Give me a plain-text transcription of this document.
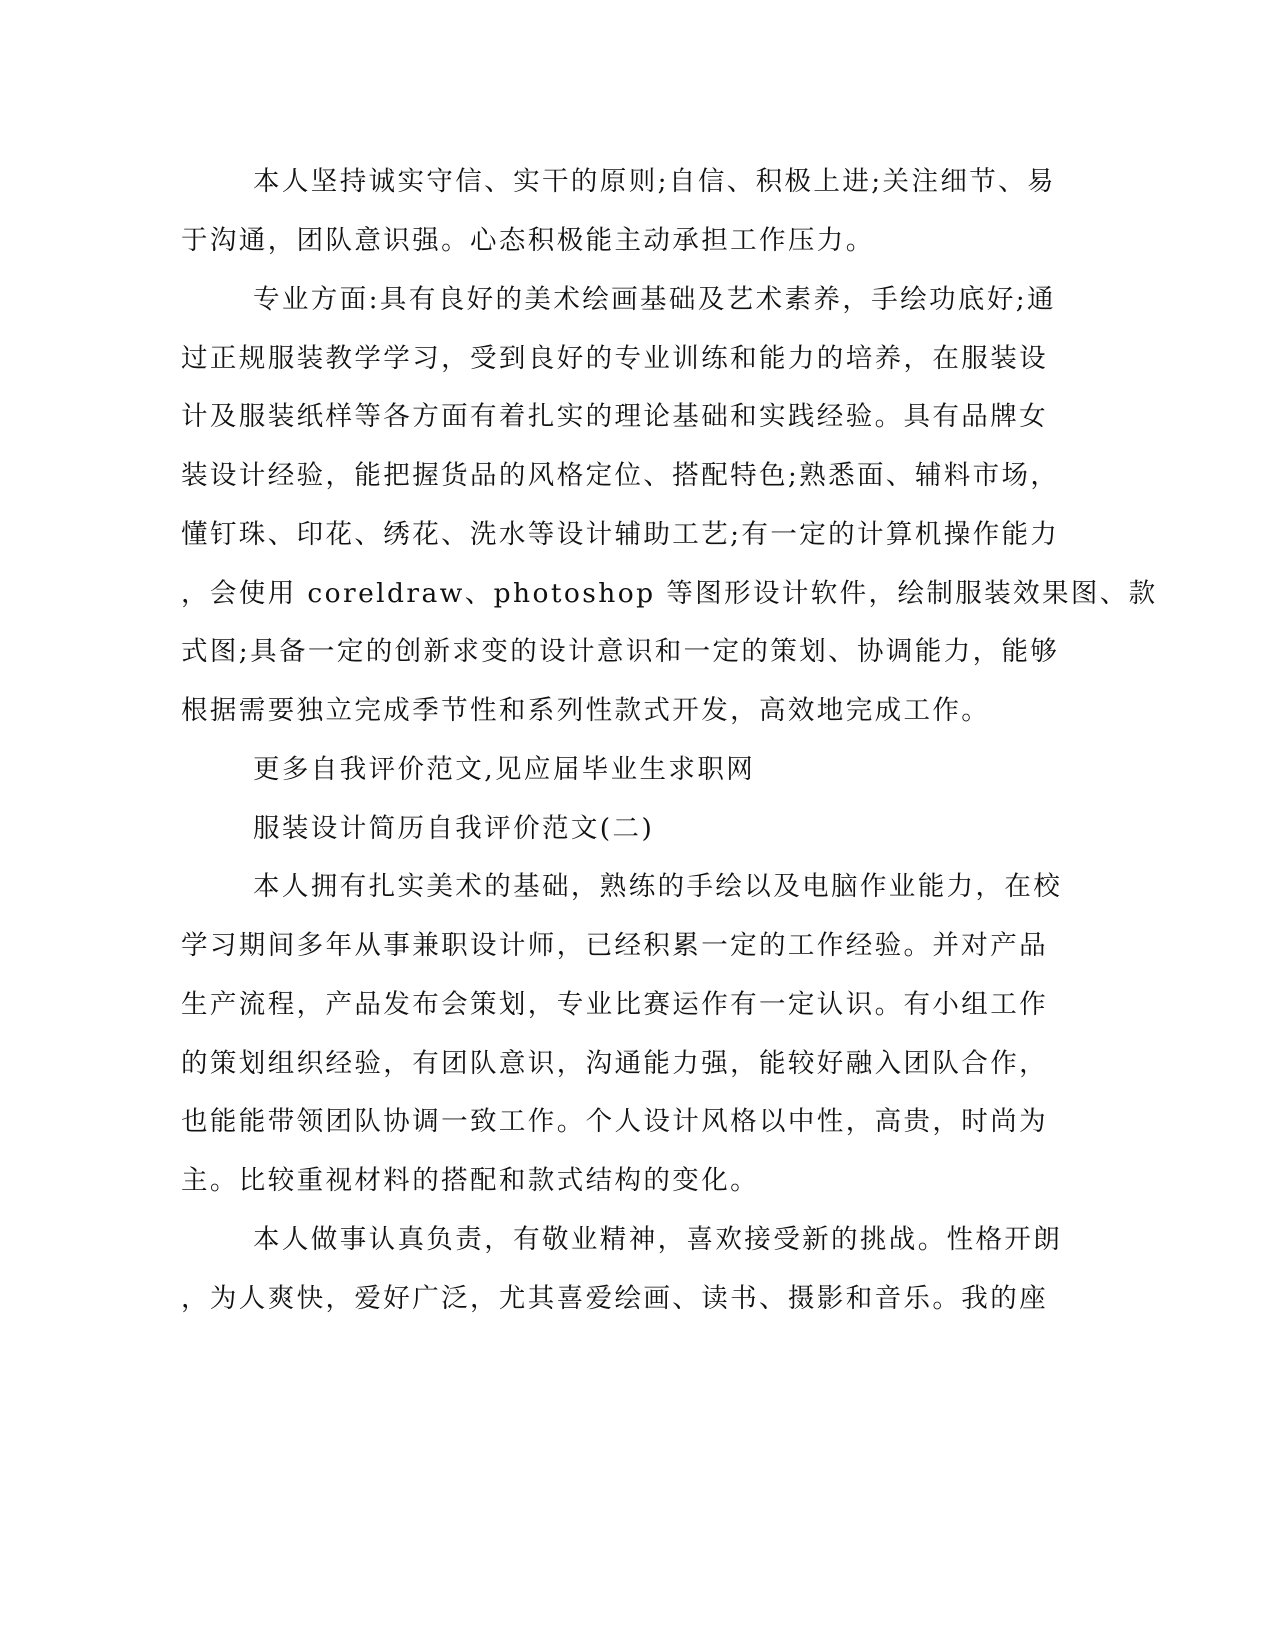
本人坚持诚实守信、实干的原则;自信、积极上进;关注细节、易
于沟通，团队意识强。心态积极能主动承担工作压力。
专业方面:具有良好的美术绘画基础及艺术素养，手绘功底好;通
过正规服装教学学习，受到良好的专业训练和能力的培养，在服装设
计及服装纸样等各方面有着扎实的理论基础和实践经验。具有品牌女
装设计经验，能把握货品的风格定位、搭配特色;熟悉面、辅料市场，
懂钉珠、印花、绣花、洗水等设计辅助工艺;有一定的计算机操作能力
，会使用 coreldraw、photoshop 等图形设计软件，绘制服装效果图、款
式图;具备一定的创新求变的设计意识和一定的策划、协调能力，能够
根据需要独立完成季节性和系列性款式开发，高效地完成工作。
更多自我评价范文,见应届毕业生求职网
服装设计简历自我评价范文(二)
本人拥有扎实美术的基础，熟练的手绘以及电脑作业能力，在校
学习期间多年从事兼职设计师，已经积累一定的工作经验。并对产品
生产流程，产品发布会策划，专业比赛运作有一定认识。有小组工作
的策划组织经验，有团队意识，沟通能力强，能较好融入团队合作，
也能能带领团队协调一致工作。个人设计风格以中性，高贵，时尚为
主。比较重视材料的搭配和款式结构的变化。
本人做事认真负责，有敬业精神，喜欢接受新的挑战。性格开朗
，为人爽快，爱好广泛，尤其喜爱绘画、读书、摄影和音乐。我的座
